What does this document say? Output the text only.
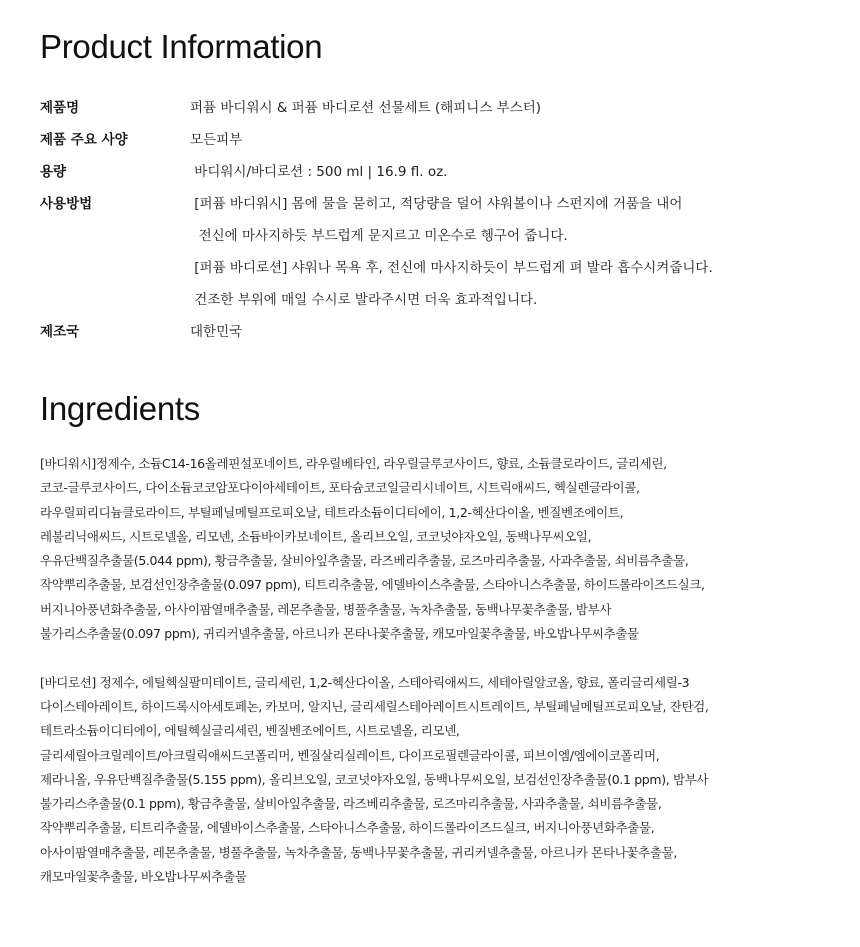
Product Information
제품명	퍼퓸 바디워시 & 퍼퓸 바디로션 선물세트 (해피니스 부스터)
제품 주요 사양	모든피부
용량	바디워시/바디로션 : 500 ml | 16.9 fl. oz.
사용방법	[퍼퓸 바디워시] 몸에 물을 묻히고, 적당량을 덜어 샤워볼이나 스펀지에 거품을 내어
전신에 마사지하듯 부드럽게 문지르고 미온수로 헹구어 줍니다.
[퍼퓸 바디로션] 샤워나 목욕 후, 전신에 마사지하듯이 부드럽게 펴 발라 흡수시켜줍니다.
건조한 부위에 매일 수시로 발라주시면 더욱 효과적입니다.
제조국	대한민국
Ingredients
[바디워시]정제수, 소듐C14-16올레핀설포네이트, 라우릴베타인, 라우릴글루코사이드, 향료, 소듐클로라이드, 글리세린,
코코-글루코사이드, 다이소듐코코암포다이아세테이트, 포타슘코코일글리시네이트, 시트릭애씨드, 헥실렌글라이콜,
라우릴피리디늄클로라이드, 부틸페닐메틸프로피오날, 테트라소듐이디티에이, 1,2-헥산다이올, 벤질벤조에이트,
레불리닉애씨드, 시트로넬올, 리모넨, 소듐바이카보네이트, 올리브오일, 코코넛야자오일, 동백나무씨오일,
우유단백질추출물(5.044 ppm), 황금추출물, 살비아잎추출물, 라즈베리추출물, 로즈마리추출물, 사과추출물, 쇠비름추출물,
작약뿌리추출물, 보검선인장추출물(0.097 ppm), 티트리추출물, 에델바이스추출물, 스타아니스추출물, 하이드롤라이즈드실크,
버지니아풍년화추출물, 아사이팜열매추출물, 레몬추출물, 병풀추출물, 녹차추출물, 동백나무꽃추출물, 밤부사
불가리스추출물(0.097 ppm), 귀리커넬추출물, 아르니카 몬타나꽃추출물, 캐모마일꽃추출물, 바오밥나무씨추출물
[바디로션] 정제수, 에틸헥실팔미테이트, 글리세린, 1,2-헥산다이올, 스테아릭애씨드, 세테아릴알코올, 향료, 폴리글리세릴-3
다이스테아레이트, 하이드록시아세토페논, 카보머, 알지닌, 글리세릴스테아레이트시트레이트, 부틸페닐메틸프로피오날, 잔탄검,
테트라소듐이디티에이, 에틸헥실글리세린, 벤질벤조에이트, 시트로넬올, 리모넨,
글리세릴아크릴레이트/아크릴릭애씨드코폴리머, 벤질살리실레이트, 다이프로필렌글라이콜, 피브이엠/엠에이코폴리머,
제라니올, 우유단백질추출물(5.155 ppm), 올리브오일, 코코넛야자오일, 동백나무씨오일, 보검선인장추출물(0.1 ppm), 밤부사
불가리스추출물(0.1 ppm), 황금추출물, 살비아잎추출물, 라즈베리추출물, 로즈마리추출물, 사과추출물, 쇠비름추출물,
작약뿌리추출물, 티트리추출물, 에델바이스추출물, 스타아니스추출물, 하이드롤라이즈드실크, 버지니아풍년화추출물,
아사이팜열매추출물, 레몬추출물, 병풀추출물, 녹차추출물, 동백나무꽃추출물, 귀리커넬추출물, 아르니카 몬타나꽃추출물,
캐모마일꽃추출물, 바오밥나무씨추출물
